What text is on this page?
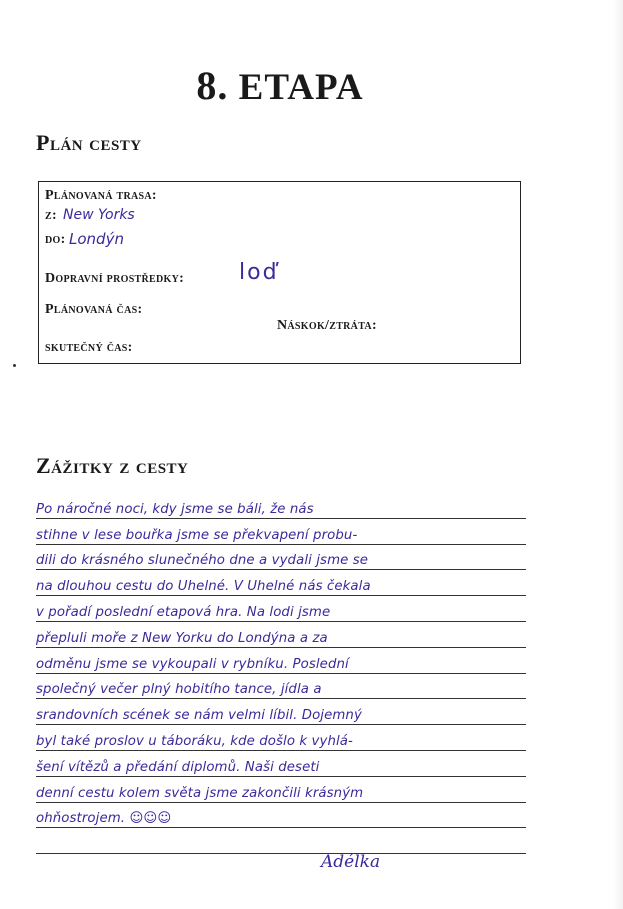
8. ETAPA
Plán cesty
Plánovaná trasa:
z: New Yorks
do: Londýn
Dopravní prostředky: loď
Plánovaná čas:
Náskok/ztráta:
skutečný čas:
Zážitky z cesty
Po náročné noci, kdy jsme se báli, že nás
stihne v lese bouřka jsme se překvapení probu-
dili do krásného slunečného dne a vydali jsme se
na dlouhou cestu do Uhelné. V Uhelné nás čekala
v pořadí poslední etapová hra. Na lodi jsme
přepluli moře z New Yorku do Londýna a za
odměnu jsme se vykoupali v rybníku. Poslední
společný večer plný hobitího tance, jídla a
srandovních scének se nám velmi líbil. Dojemný
byl také proslov u táboráku, kde došlo k vyhlá-
šení vítězů a předání diplomů. Naši deseti
denní cestu kolem světa jsme zakončili krásným
ohňostrojem. ☺☺☺
Adélka
